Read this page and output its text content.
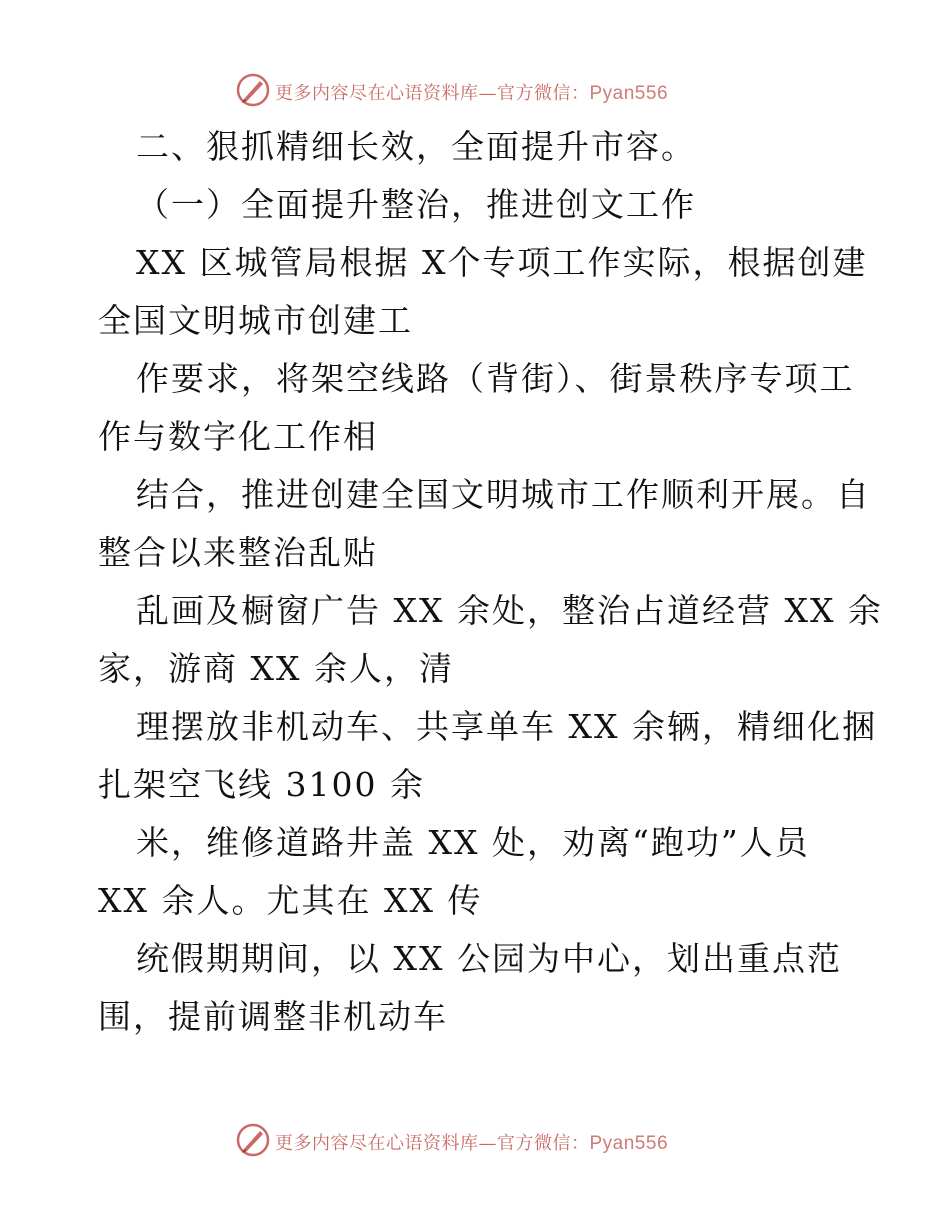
更多内容尽在心语资料库—官方微信：Pyan556
二、狠抓精细长效，全面提升市容。
（一）全面提升整治，推进创文工作
XX 区城管局根据 X个专项工作实际，根据创建
全国文明城市创建工
作要求，将架空线路（背街）、街景秩序专项工
作与数字化工作相
结合，推进创建全国文明城市工作顺利开展。自
整合以来整治乱贴
乱画及橱窗广告 XX 余处，整治占道经营 XX 余
家，游商 XX 余人，清
理摆放非机动车、共享单车 XX 余辆，精细化捆
扎架空飞线 3100 余
米，维修道路井盖 XX 处，劝离“跑功”人员
XX 余人。尤其在 XX 传
统假期期间，以 XX 公园为中心，划出重点范
围，提前调整非机动车
更多内容尽在心语资料库—官方微信：Pyan556
